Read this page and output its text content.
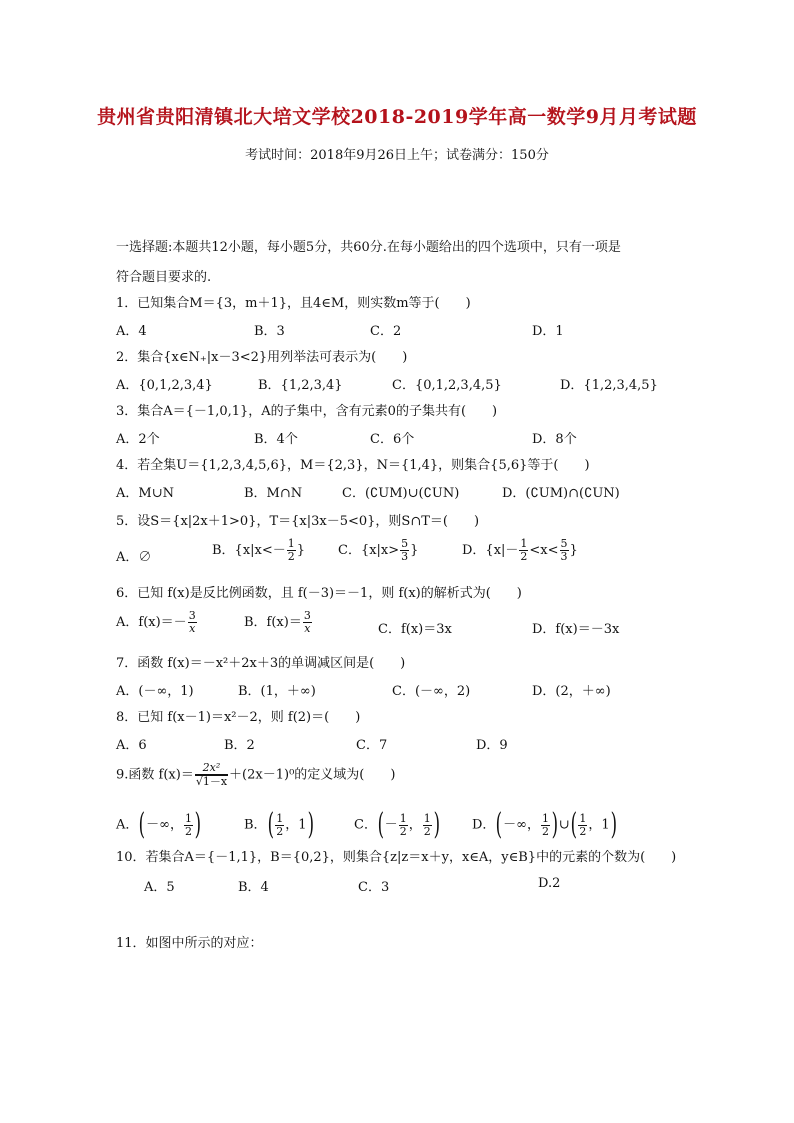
贵州省贵阳清镇北大培文学校2018-2019学年高一数学9月月考试题
考试时间：2018年9月26日上午；试卷满分：150分
一选择题:本题共12小题，每小题5分，共60分.在每小题给出的四个选项中，只有一项是
符合题目要求的.
1．已知集合M＝{3，m＋1}，且4∈M，则实数m等于(　　)
A．4	B．3	C．2	D．1
2．集合{x∈N₊|x－3<2}用列举法可表示为(　　)
A．{0,1,2,3,4}	B．{1,2,3,4}	C．{0,1,2,3,4,5}	D．{1,2,3,4,5}
3．集合A＝{－1,0,1}，A的子集中，含有元素0的子集共有(　　)
A．2个	B．4个	C．6个	D．8个
4．若全集U＝{1,2,3,4,5,6}，M＝{2,3}，N＝{1,4}，则集合{5,6}等于(　　)
A．M∪N	B．M∩N	C．(∁UM)∪(∁UN)	D．(∁UM)∩(∁UN)
5．设S＝{x|2x＋1>0}，T＝{x|3x－5<0}，则S∩T＝(　　)
A．∅	B．{$x|x<- \frac{1}{2}$ }	C．{$x|x> \frac{5}{3}$ }	D．{$x|- \frac{1}{2} <x< \frac{5}{3}$ }
6．已知 f(x)是反比例函数，且 f(－3)＝－1，则 f(x)的解析式为(　　)
A．$f(x)=- \frac{3}{x}$	B．$f(x)= \frac{3}{x}$	C．f(x)＝3x	D．f(x)＝－3x
7．函数 f(x)＝－x²＋2x＋3的单调减区间是(　　)
A．(－∞，1)	B．(1，＋∞)	C．(－∞，2)	D．(2，＋∞)
8．已知 f(x－1)＝x²－2，则 f(2)＝(　　)
A．6	B．2	C．7	D．9
9.函数 $f(x)= \frac{\text{2x²}}{√1-x} +(2x-1)^0$的定义域为(　　)
A．(－∞， $\frac{1}{2}$ )	B．( $\frac{1}{2}$ ，1)	C．(－ $\frac{1}{2}$ ， $\frac{1}{2}$ ) D．(－∞， $\frac{1}{2}$ )∪( $\frac{1}{2}$ ，1)
10．若集合A＝{－1,1}，B＝{0,2}，则集合{z|z＝x＋y，x∈A，y∈B}中的元素的个数为(　　)
A．5	B．4	C．3	D.2
11．如图中所示的对应：
